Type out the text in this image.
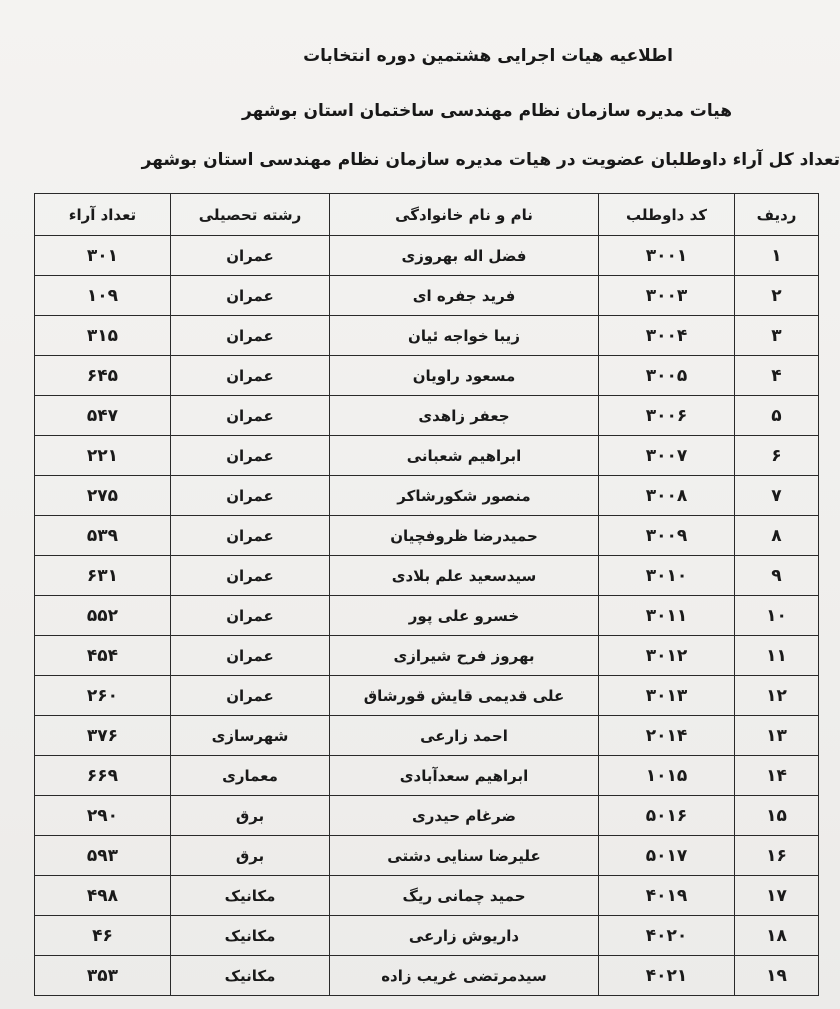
اطلاعیه هیات اجرایی هشتمین دوره انتخابات
هیات مدیره سازمان نظام مهندسی ساختمان استان بوشهر
تعداد کل آراء داوطلبان عضویت در هیات مدیره سازمان نظام مهندسی استان بوشهر
ردیف	کد داوطلب	نام و نام خانوادگی	رشته تحصیلی	تعداد آراء
۱	۳۰۰۱	فضل اله بهروزی	عمران	۳۰۱
۲	۳۰۰۳	فرید جفره ای	عمران	۱۰۹
۳	۳۰۰۴	زیبا خواجه ئیان	عمران	۳۱۵
۴	۳۰۰۵	مسعود راویان	عمران	۶۴۵
۵	۳۰۰۶	جعفر زاهدی	عمران	۵۴۷
۶	۳۰۰۷	ابراهیم شعبانی	عمران	۲۲۱
۷	۳۰۰۸	منصور شکورشاکر	عمران	۲۷۵
۸	۳۰۰۹	حمیدرضا ظروفچیان	عمران	۵۳۹
۹	۳۰۱۰	سیدسعید علم بلادی	عمران	۶۳۱
۱۰	۳۰۱۱	خسرو علی پور	عمران	۵۵۲
۱۱	۳۰۱۲	بهروز فرح شیرازی	عمران	۴۵۴
۱۲	۳۰۱۳	علی قدیمی قایش قورشاق	عمران	۲۶۰
۱۳	۲۰۱۴	احمد زارعی	شهرسازی	۳۷۶
۱۴	۱۰۱۵	ابراهیم سعدآبادی	معماری	۶۶۹
۱۵	۵۰۱۶	ضرغام حیدری	برق	۲۹۰
۱۶	۵۰۱۷	علیرضا سنایی دشتی	برق	۵۹۳
۱۷	۴۰۱۹	حمید چمانی ریگ	مکانیک	۴۹۸
۱۸	۴۰۲۰	داریوش زارعی	مکانیک	۴۶
۱۹	۴۰۲۱	سیدمرتضی غریب زاده	مکانیک	۳۵۳
